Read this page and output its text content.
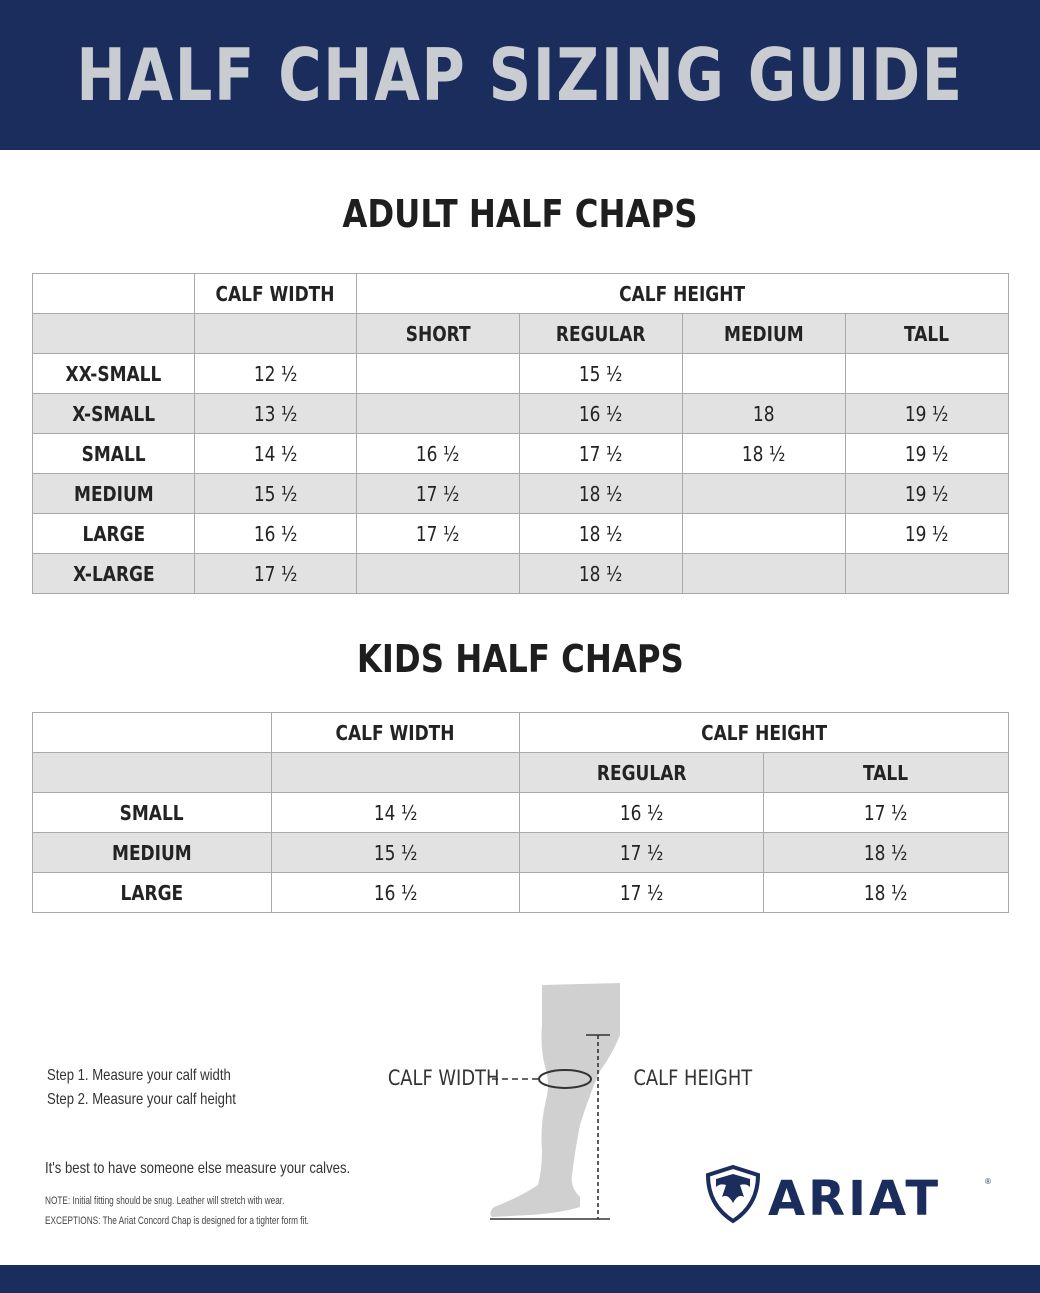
HALF CHAP SIZING GUIDE
ADULT HALF CHAPS
	CALF WIDTH	CALF HEIGHT			
		SHORT	REGULAR	MEDIUM	TALL
XX-SMALL	12 ½		15 ½		
X-SMALL	13 ½		16 ½	18	19 ½
SMALL	14 ½	16 ½	17 ½	18 ½	19 ½
MEDIUM	15 ½	17 ½	18 ½		19 ½
LARGE	16 ½	17 ½	18 ½		19 ½
X-LARGE	17 ½		18 ½		
KIDS HALF CHAPS
	CALF WIDTH	CALF HEIGHT	
		REGULAR	TALL
SMALL	14 ½	16 ½	17 ½
MEDIUM	15 ½	17 ½	18 ½
LARGE	16 ½	17 ½	18 ½
Step 1. Measure your calf width
Step 2. Measure your calf height
It's best to have someone else measure your calves.
NOTE: Initial fitting should be snug. Leather will stretch with wear.
EXCEPTIONS: The Ariat Concord Chap is designed for a tighter form fit.
CALF WIDTH	CALF HEIGHT
ARIAT	®
